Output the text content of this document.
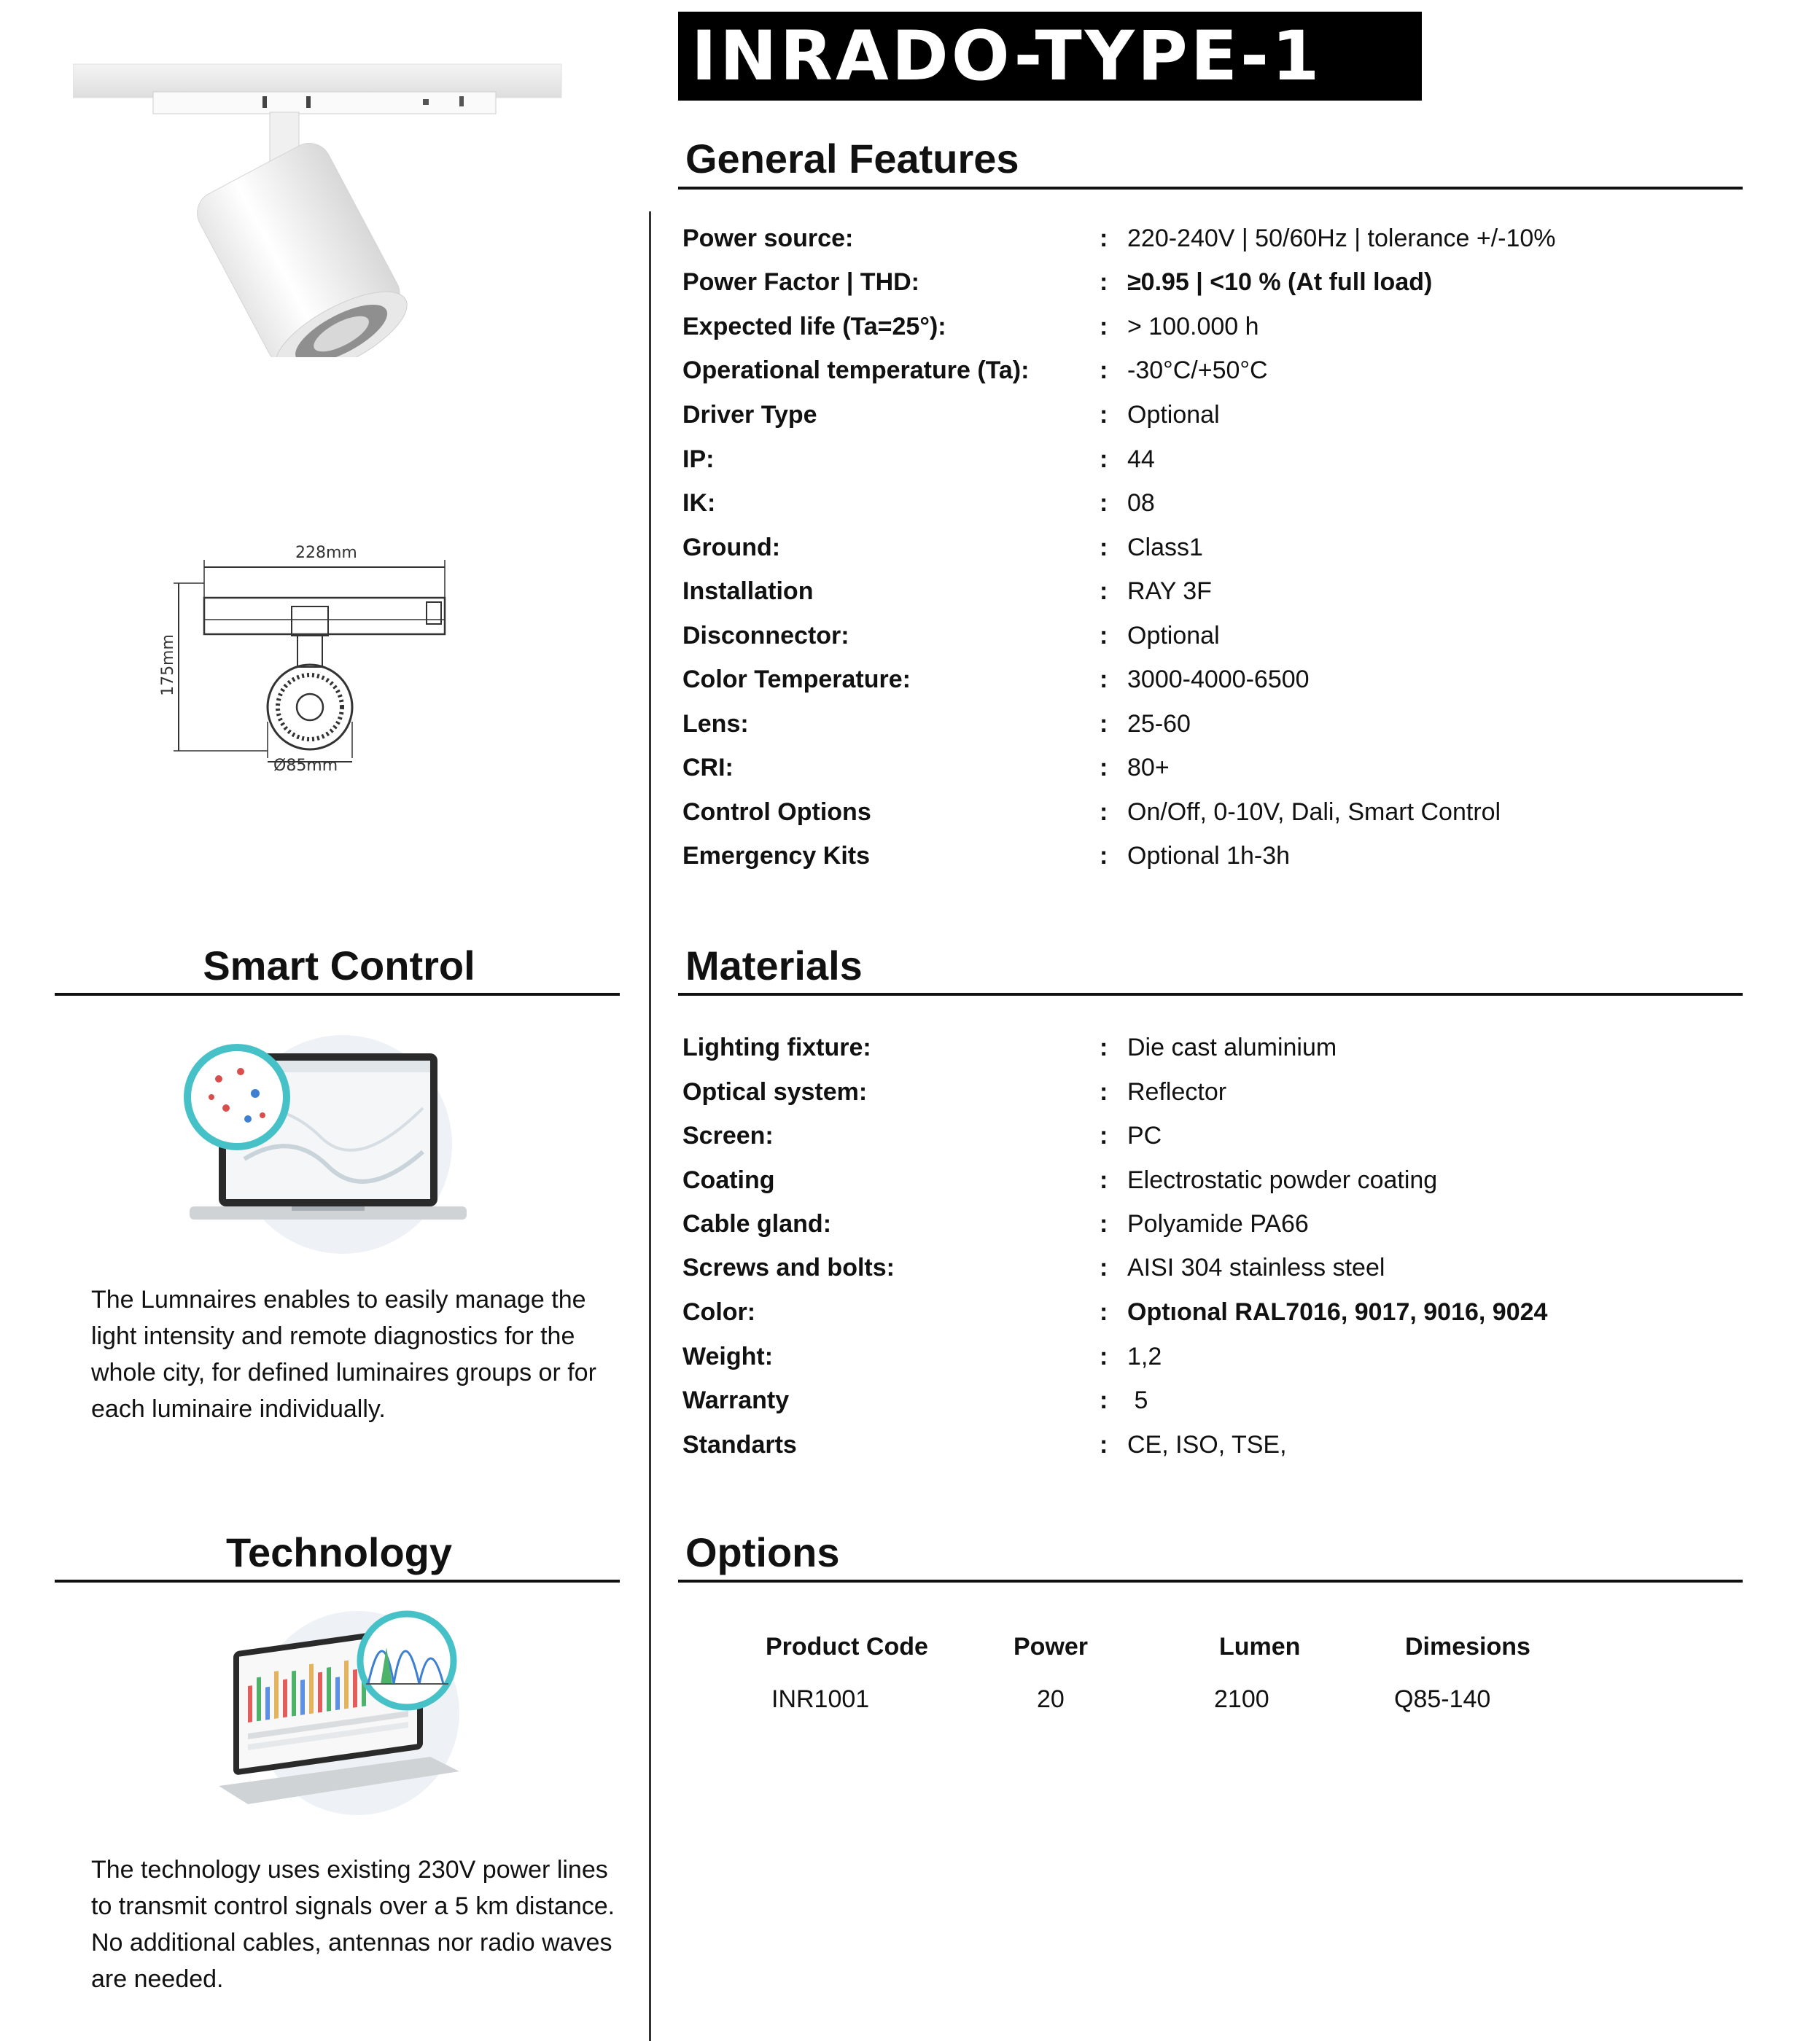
228mm
175mm
Ø85mm
INRADO-TYPE-1
General Features
Power source:	: 220-240V | 50/60Hz | tolerance +/-10%
Power Factor | THD:	: ≥0.95 | <10 % (At full load)
Expected life (Ta=25°):	: > 100.000 h
Operational temperature (Ta):	: -30°C/+50°C
Driver Type	: Optional
IP:	: 44
IK:	: 08
Ground:	: Class1
Installation	: RAY 3F
Disconnector:	: Optional
Color Temperature:	: 3000-4000-6500
Lens:	: 25-60
CRI:	: 80+
Control Options	: On/Off, 0-10V, Dali, Smart Control
Emergency Kits	: Optional 1h-3h
Smart Control

The Lumnaires enables to easily manage the light intensity and remote diagnostics for the whole city, for defined luminaires groups or for each luminaire individually.

Technology

The technology uses existing 230V power lines to transmit control signals over a 5 km distance. No additional cables, antennas nor radio waves are needed.

Materials
Lighting fixture:	: Die cast aluminium
Optical system:	: Reflector
Screen:	: PC
Coating	: Electrostatic powder coating
Cable gland:	: Polyamide PA66
Screws and bolts:	: AISI 304 stainless steel
Color:	: Optıonal RAL7016, 9017, 9016, 9024
Weight:	: 1,2
Warranty	: 5
Standarts	: CE, ISO, TSE,
Options
Product Code	Power	Lumen	Dimesions
INR1001	20	2100	Q85-140
